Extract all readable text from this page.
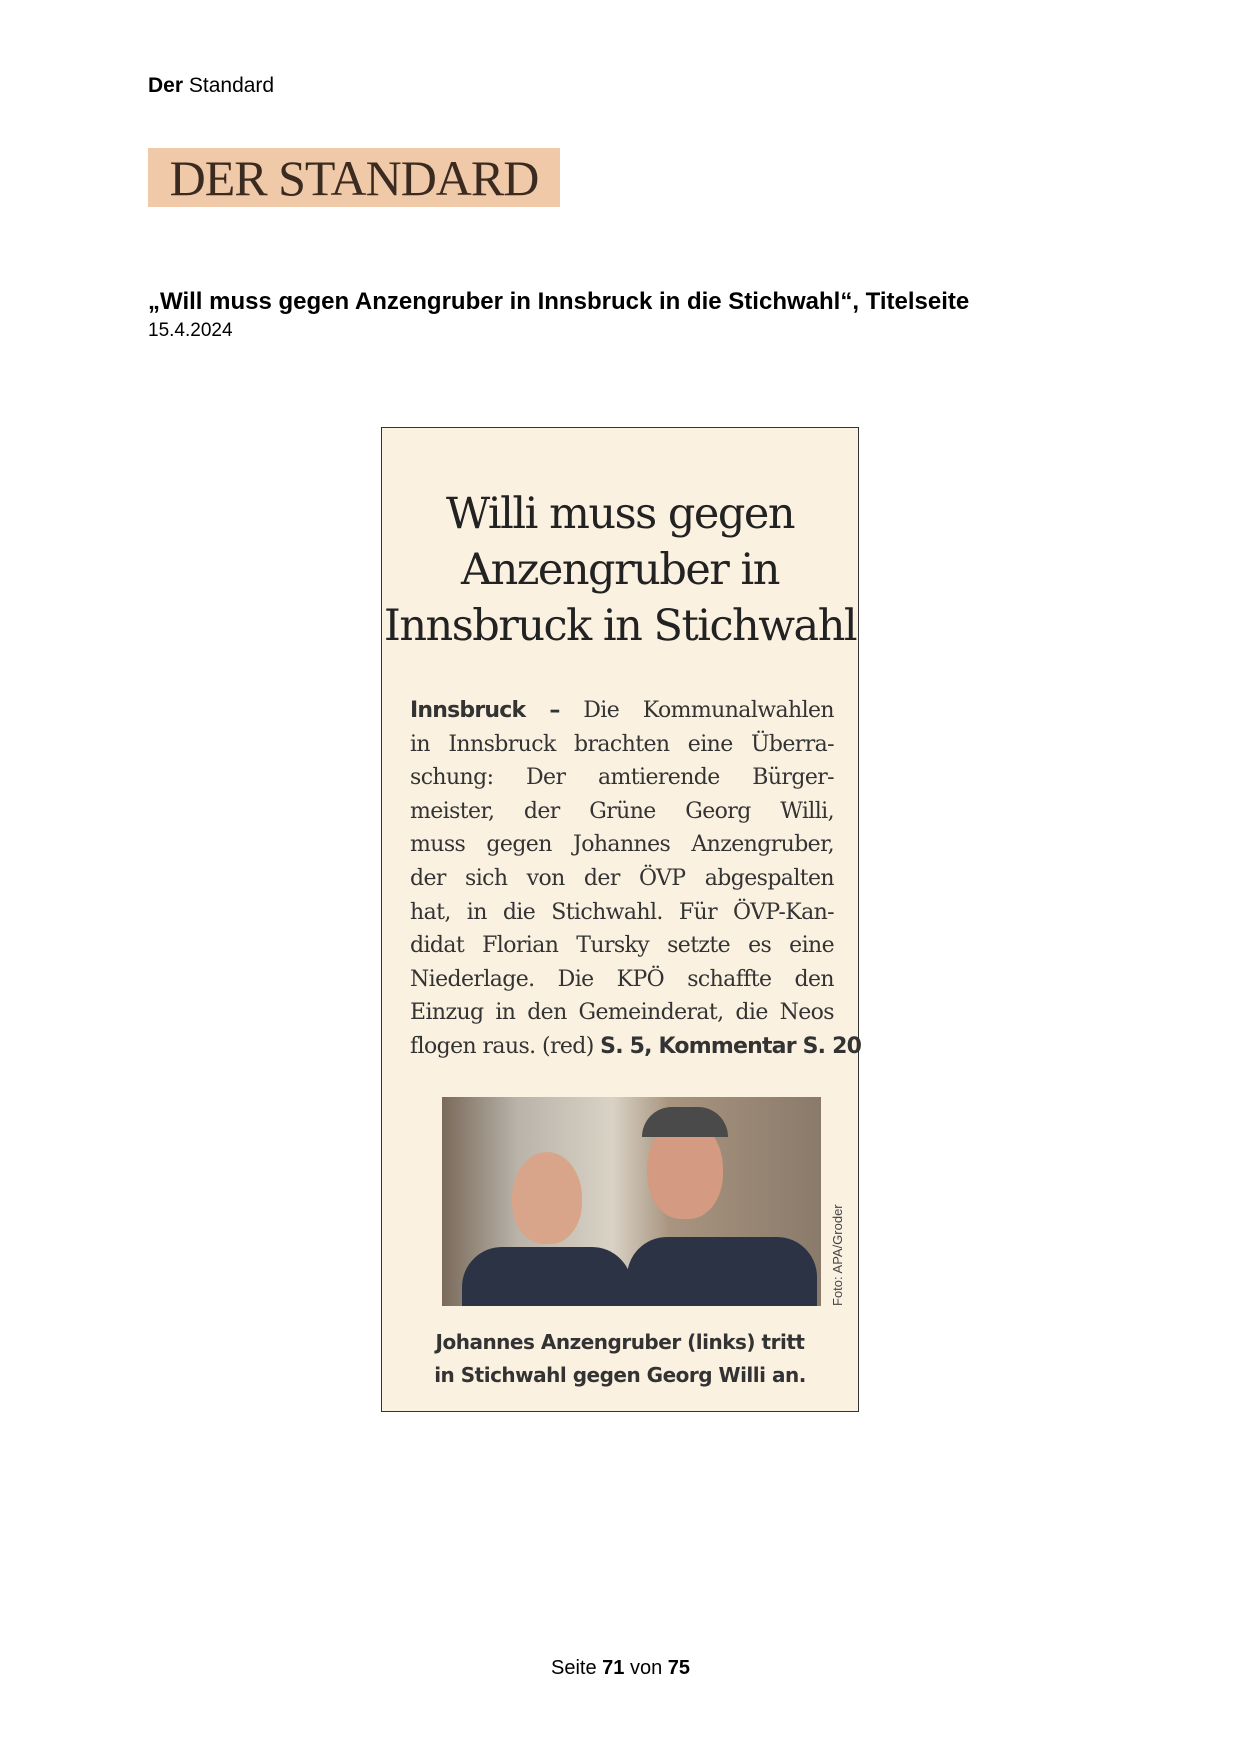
Der Standard
DER STANDARD
„Will muss gegen Anzengruber in Innsbruck in die Stichwahl“, Titelseite
15.4.2024
Willi muss gegen
Anzengruber in
Innsbruck in Stichwahl
Innsbruck – Die Kommunalwahlen
in Innsbruck brachten eine Überra-
schung: Der amtierende Bürger-
meister, der Grüne Georg Willi,
muss gegen Johannes Anzengruber,
der sich von der ÖVP abgespalten
hat, in die Stichwahl. Für ÖVP-Kan-
didat Florian Tursky setzte es eine
Niederlage. Die KPÖ schaffte den
Einzug in den Gemeinderat, die Neos
flogen raus. (red) S. 5, Kommentar S. 20
Foto: APA/Groder
Johannes Anzengruber (links) tritt
in Stichwahl gegen Georg Willi an.
Seite 71 von 75
